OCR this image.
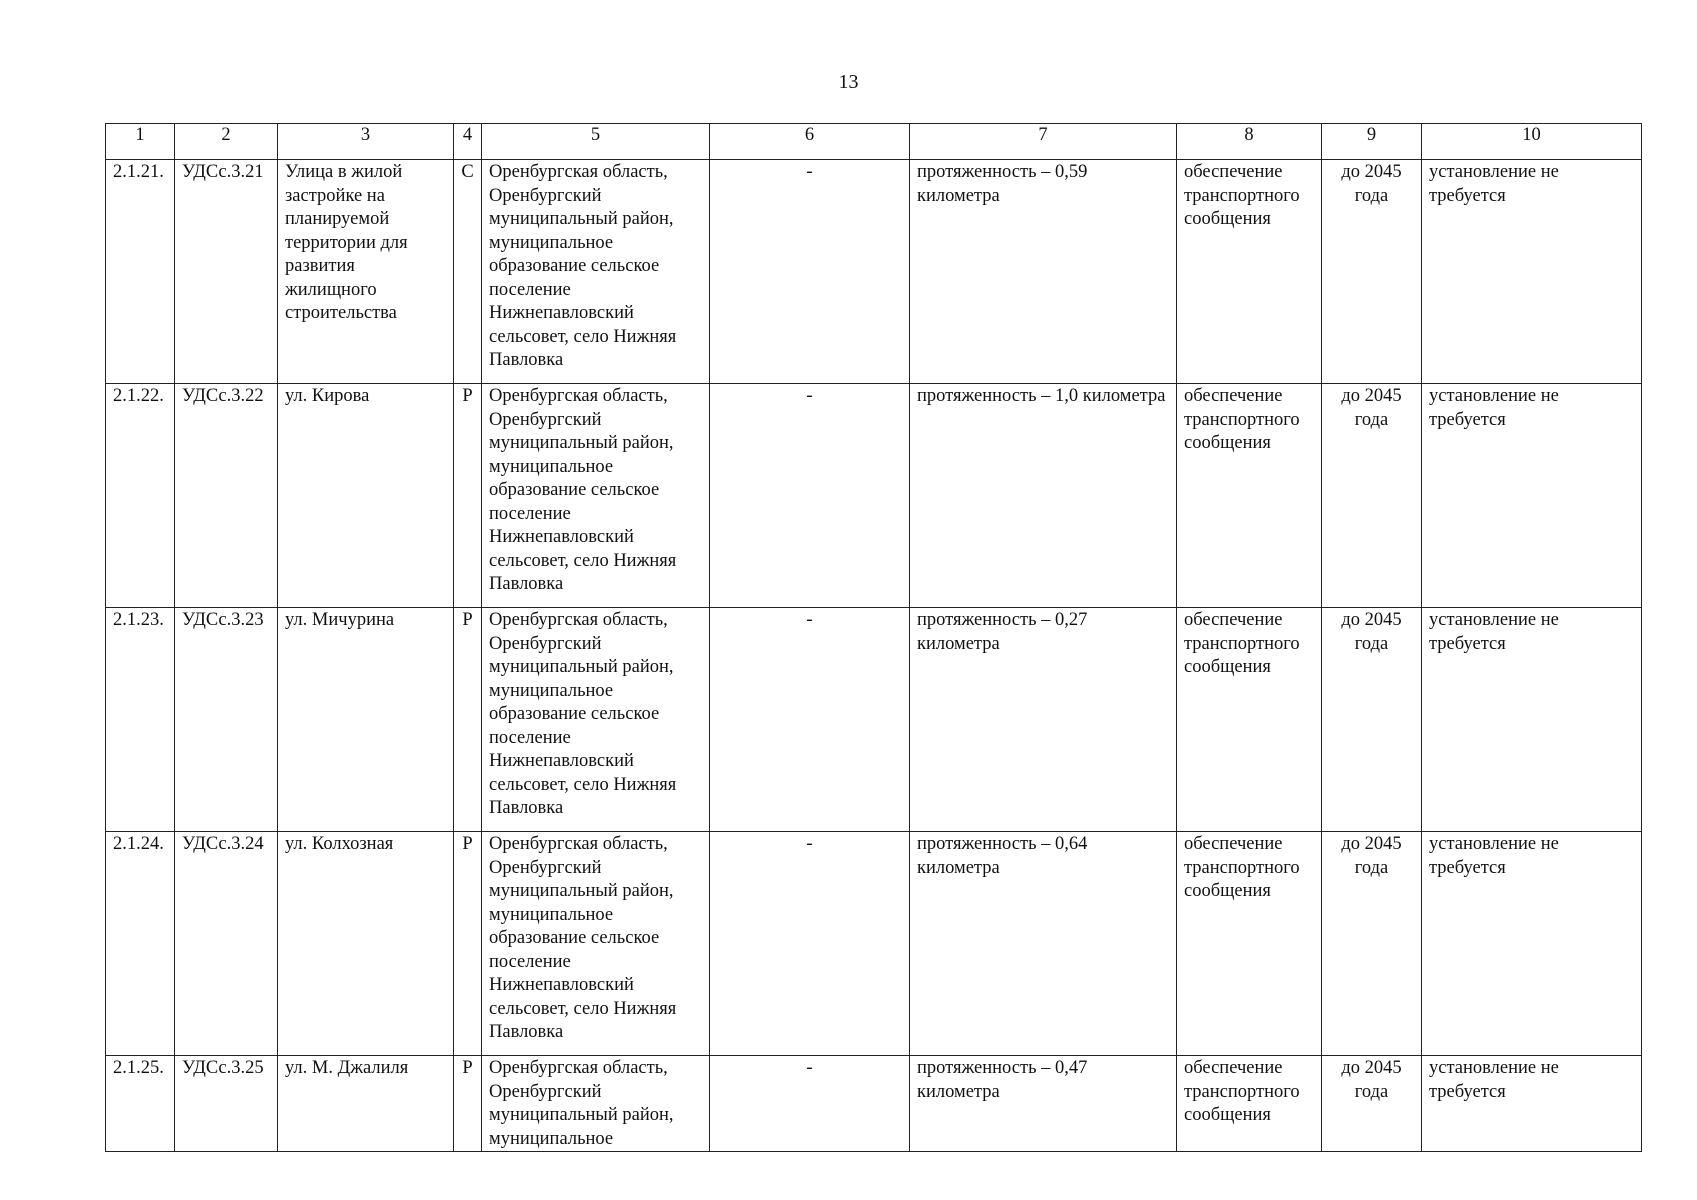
13
1	2	3	4	5	6	7	8	9	10
2.1.21.	УДСс.3.21	Улица в жилой застройке на планируемой территории для развития жилищного строительства	С	Оренбургская область, Оренбургский муниципальный район, муниципальное образование сельское поселение Нижнепавловский сельсовет, село Нижняя Павловка	-	протяженность – 0,59 километра	обеспечение транспортного сообщения	до 2045 года	установление не требуется
2.1.22.	УДСс.3.22	ул. Кирова	Р	Оренбургская область, Оренбургский муниципальный район, муниципальное образование сельское поселение Нижнепавловский сельсовет, село Нижняя Павловка	-	протяженность – 1,0 километра	обеспечение транспортного сообщения	до 2045 года	установление не требуется
2.1.23.	УДСс.3.23	ул. Мичурина	Р	Оренбургская область, Оренбургский муниципальный район, муниципальное образование сельское поселение Нижнепавловский сельсовет, село Нижняя Павловка	-	протяженность – 0,27 километра	обеспечение транспортного сообщения	до 2045 года	установление не требуется
2.1.24.	УДСс.3.24	ул. Колхозная	Р	Оренбургская область, Оренбургский муниципальный район, муниципальное образование сельское поселение Нижнепавловский сельсовет, село Нижняя Павловка	-	протяженность – 0,64 километра	обеспечение транспортного сообщения	до 2045 года	установление не требуется
2.1.25.	УДСс.3.25	ул. М. Джалиля	Р	Оренбургская область, Оренбургский муниципальный район, муниципальное	-	протяженность – 0,47 километра	обеспечение транспортного сообщения	до 2045 года	установление не требуется
